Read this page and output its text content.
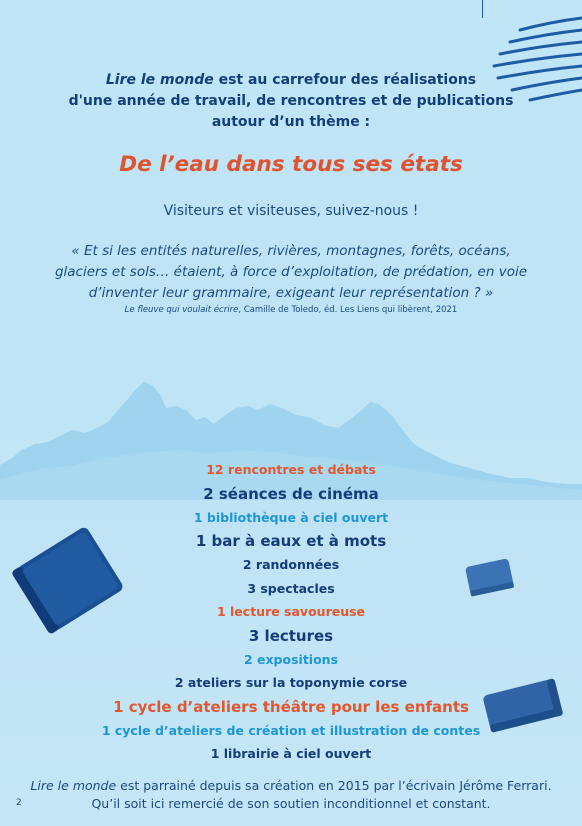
Lire le monde est au carrefour des réalisations
d'une année de travail, de rencontres et de publications
autour d’un thème :
De l’eau dans tous ses états
Visiteurs et visiteuses, suivez-nous !
« Et si les entités naturelles, rivières, montagnes, forêts, océans,
glaciers et sols… étaient, à force d’exploitation, de prédation, en voie
d’inventer leur grammaire, exigeant leur représentation ? »
Le fleuve qui voulait écrire, Camille de Toledo, éd. Les Liens qui libèrent, 2021
12 rencontres et débats
2 séances de cinéma
1 bibliothèque à ciel ouvert
1 bar à eaux et à mots
2 randonnées
3 spectacles
1 lecture savoureuse
3 lectures
2 expositions
2 ateliers sur la toponymie corse
1 cycle d’ateliers théâtre pour les enfants
1 cycle d’ateliers de création et illustration de contes
1 librairie à ciel ouvert
Lire le monde est parrainé depuis sa création en 2015 par l’écrivain Jérôme Ferrari.
Qu’il soit ici remercié de son soutien inconditionnel et constant.
2
